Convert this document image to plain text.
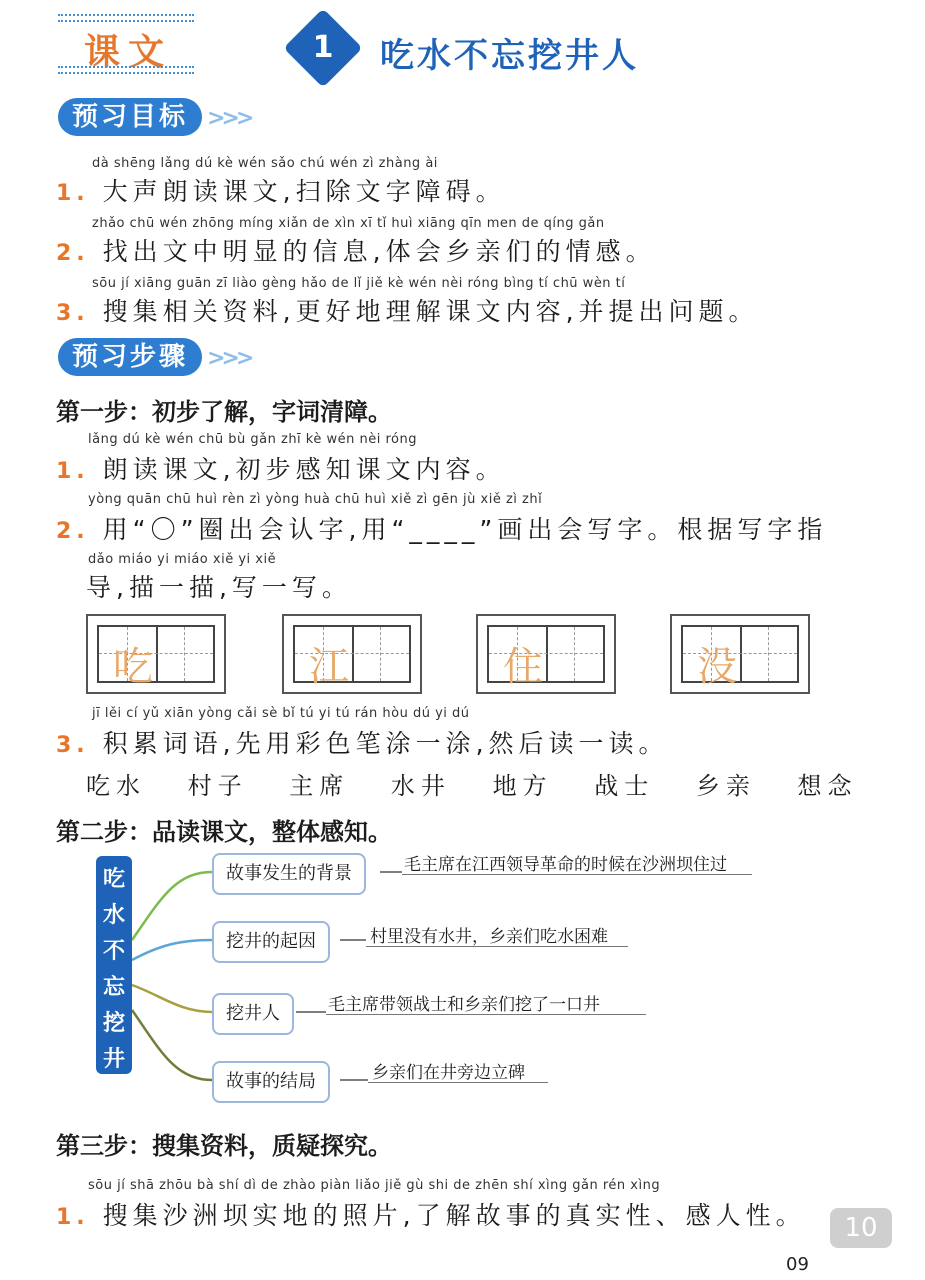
课文	1	吃水不忘挖井人
预习目标 >>>
dà shēng lǎng dú kè wén sǎo chú wén zì zhàng ài
1. 大声朗读课文,扫除文字障碍。
zhǎo chū wén zhōng míng xiǎn de xìn xī tǐ huì xiāng qīn men de qíng gǎn
2. 找出文中明显的信息,体会乡亲们的情感。
sōu jí xiāng guān zī liào gèng hǎo de lǐ jiě kè wén nèi róng bìng tí chū wèn tí
3. 搜集相关资料,更好地理解课文内容,并提出问题。
预习步骤 >>>
第一步：初步了解，字词清障。
lǎng dú kè wén chū bù gǎn zhī kè wén nèi róng
1. 朗读课文,初步感知课文内容。
yòng quān chū huì rèn zì yòng huà chū huì xiě zì gēn jù xiě zì zhǐ
2. 用“〇”圈出会认字,用“____”画出会写字。根据写字指
dǎo miáo yi miáo xiě yi xiě
导,描一描,写一写。
吃	江	住	没
jī lěi cí yǔ xiān yòng cǎi sè bǐ tú yi tú rán hòu dú yi dú
3. 积累词语,先用彩色笔涂一涂,然后读一读。
吃水 村子 主席 水井 地方 战士 乡亲 想念
第二步：品读课文，整体感知。
吃水不忘挖井人
故事发生的背景	毛主席在江西领导革命的时候在沙洲坝住过
挖井的起因	村里没有水井，乡亲们吃水困难
挖井人	毛主席带领战士和乡亲们挖了一口井
故事的结局	乡亲们在井旁边立碑
第三步：搜集资料，质疑探究。
sōu jí shā zhōu bà shí dì de zhào piàn liǎo jiě gù shi de zhēn shí xìng gǎn rén xìng
1. 搜集沙洲坝实地的照片,了解故事的真实性、感人性。	10
09
